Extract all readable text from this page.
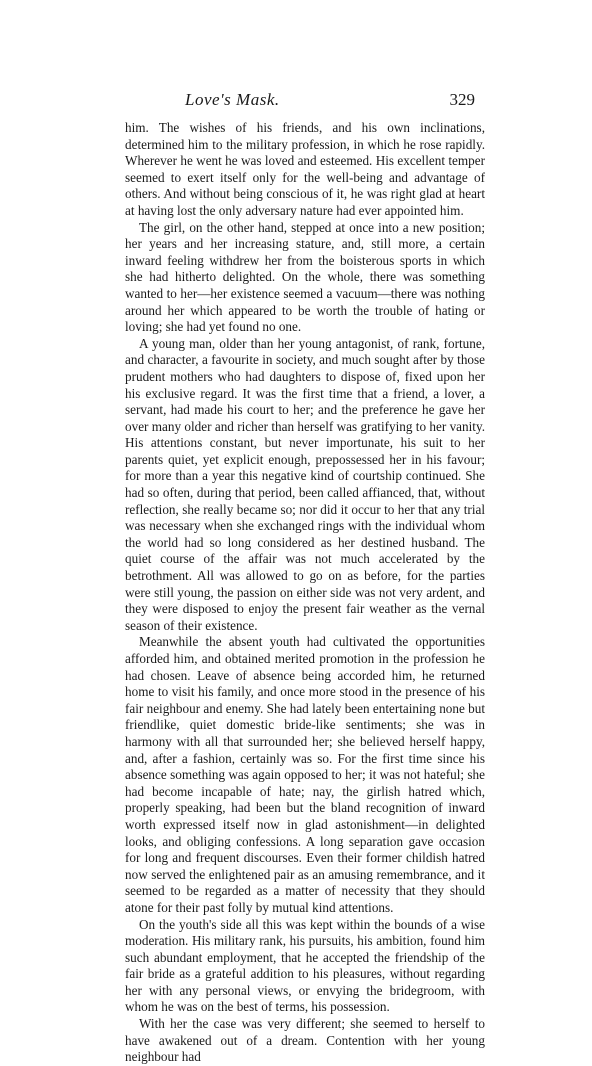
Love's Mask.	329

him. The wishes of his friends, and his own inclinations, determined him to the military profession, in which he rose rapidly. Wherever he went he was loved and esteemed. His excellent temper seemed to exert itself only for the well-being and advantage of others. And without being conscious of it, he was right glad at heart at having lost the only adversary nature had ever appointed him.

The girl, on the other hand, stepped at once into a new position; her years and her increasing stature, and, still more, a certain inward feeling withdrew her from the boisterous sports in which she had hitherto delighted. On the whole, there was something wanted to her—her existence seemed a vacuum—there was nothing around her which appeared to be worth the trouble of hating or loving; she had yet found no one.

A young man, older than her young antagonist, of rank, fortune, and character, a favourite in society, and much sought after by those prudent mothers who had daughters to dispose of, fixed upon her his exclusive regard. It was the first time that a friend, a lover, a servant, had made his court to her; and the preference he gave her over many older and richer than herself was gratifying to her vanity. His attentions constant, but never importunate, his suit to her parents quiet, yet explicit enough, prepossessed her in his favour; for more than a year this negative kind of courtship continued. She had so often, during that period, been called affianced, that, without reflection, she really became so; nor did it occur to her that any trial was necessary when she exchanged rings with the individual whom the world had so long considered as her destined husband. The quiet course of the affair was not much accelerated by the betrothment. All was allowed to go on as before, for the parties were still young, the passion on either side was not very ardent, and they were disposed to enjoy the present fair weather as the vernal season of their existence.

Meanwhile the absent youth had cultivated the opportunities afforded him, and obtained merited promotion in the profession he had chosen. Leave of absence being accorded him, he returned home to visit his family, and once more stood in the presence of his fair neighbour and enemy. She had lately been entertaining none but friendlike, quiet domestic bride-like sentiments; she was in harmony with all that surrounded her; she believed herself happy, and, after a fashion, certainly was so. For the first time since his absence something was again opposed to her; it was not hateful; she had become incapable of hate; nay, the girlish hatred which, properly speaking, had been but the bland recognition of inward worth expressed itself now in glad astonishment—in delighted looks, and obliging confessions. A long separation gave occasion for long and frequent discourses. Even their former childish hatred now served the enlightened pair as an amusing remembrance, and it seemed to be regarded as a matter of necessity that they should atone for their past folly by mutual kind attentions.

On the youth's side all this was kept within the bounds of a wise moderation. His military rank, his pursuits, his ambition, found him such abundant employment, that he accepted the friendship of the fair bride as a grateful addition to his pleasures, without regarding her with any personal views, or envying the bridegroom, with whom he was on the best of terms, his possession.

With her the case was very different; she seemed to herself to have awakened out of a dream. Contention with her young neighbour had
